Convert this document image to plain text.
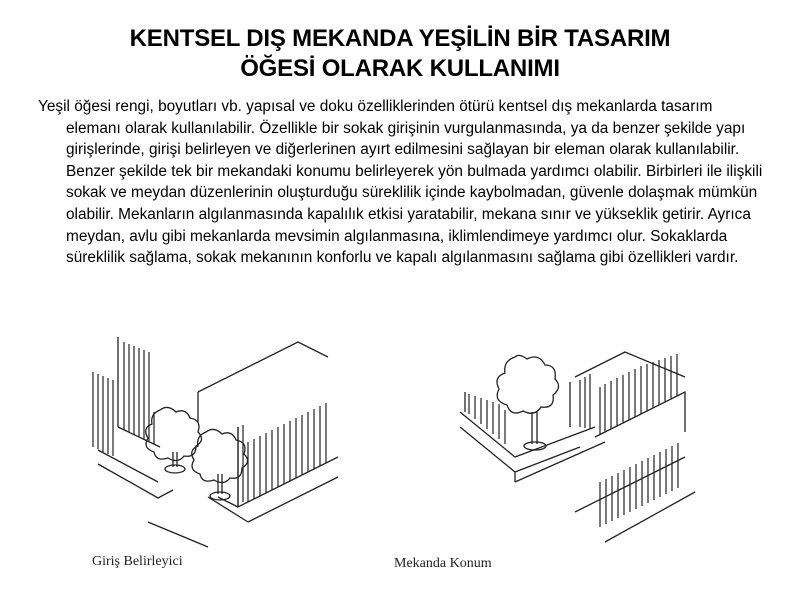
KENTSEL DIŞ MEKANDA YEŞİLİN BİR TASARIM
ÖĞESİ OLARAK KULLANIMI

Yeşil öğesi rengi, boyutları vb. yapısal ve doku özelliklerinden ötürü kentsel dış mekanlarda tasarım elemanı olarak kullanılabilir. Özellikle bir sokak girişinin vurgulanmasında, ya da benzer şekilde yapı girişlerinde, girişi belirleyen ve diğerlerinen ayırt edilmesini sağlayan bir eleman olarak kullanılabilir. Benzer şekilde tek bir mekandaki konumu belirleyerek yön bulmada yardımcı olabilir. Birbirleri ile ilişkili sokak ve meydan düzenlerinin oluşturduğu süreklilik içinde kaybolmadan, güvenle dolaşmak mümkün olabilir. Mekanların algılanmasında kapalılık etkisi yaratabilir, mekana sınır ve yükseklik getirir. Ayrıca meydan, avlu gibi mekanlarda mevsimin algılanmasına, iklimlendimeye yardımcı olur. Sokaklarda süreklilik sağlama, sokak mekanının konforlu ve kapalı algılanmasını sağlama gibi özellikleri vardır.

Giriş Belirleyici	Mekanda Konum
